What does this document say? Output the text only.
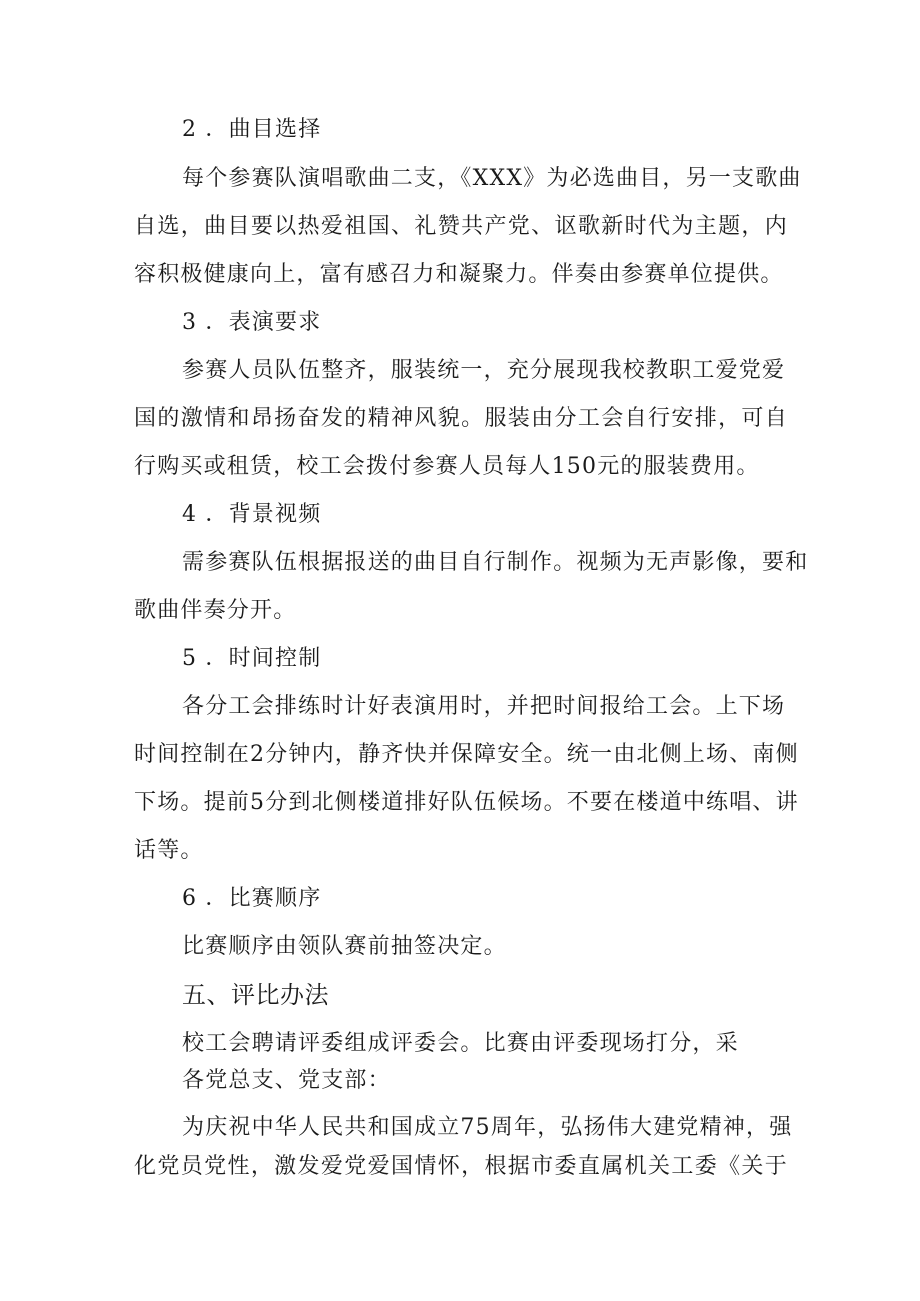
2 ．曲目选择
每个参赛队演唱歌曲二支，《XXX》为必选曲目，另一支歌曲
自选，曲目要以热爱祖国、礼赞共产党、讴歌新时代为主题，内
容积极健康向上，富有感召力和凝聚力。伴奏由参赛单位提供。
3 ．表演要求
参赛人员队伍整齐，服装统一，充分展现我校教职工爱党爱
国的激情和昂扬奋发的精神风貌。服装由分工会自行安排，可自
行购买或租赁，校工会拨付参赛人员每人150元的服装费用。
4 ．背景视频
需参赛队伍根据报送的曲目自行制作。视频为无声影像，要和
歌曲伴奏分开。
5 ．时间控制
各分工会排练时计好表演用时，并把时间报给工会。上下场
时间控制在2分钟内，静齐快并保障安全。统一由北侧上场、南侧
下场。提前5分到北侧楼道排好队伍候场。不要在楼道中练唱、讲
话等。
6 ．比赛顺序
比赛顺序由领队赛前抽签决定。
五、评比办法
校工会聘请评委组成评委会。比赛由评委现场打分，采
各党总支、党支部：
为庆祝中华人民共和国成立75周年，弘扬伟大建党精神，强
化党员党性，激发爱党爱国情怀，根据市委直属机关工委《关于
